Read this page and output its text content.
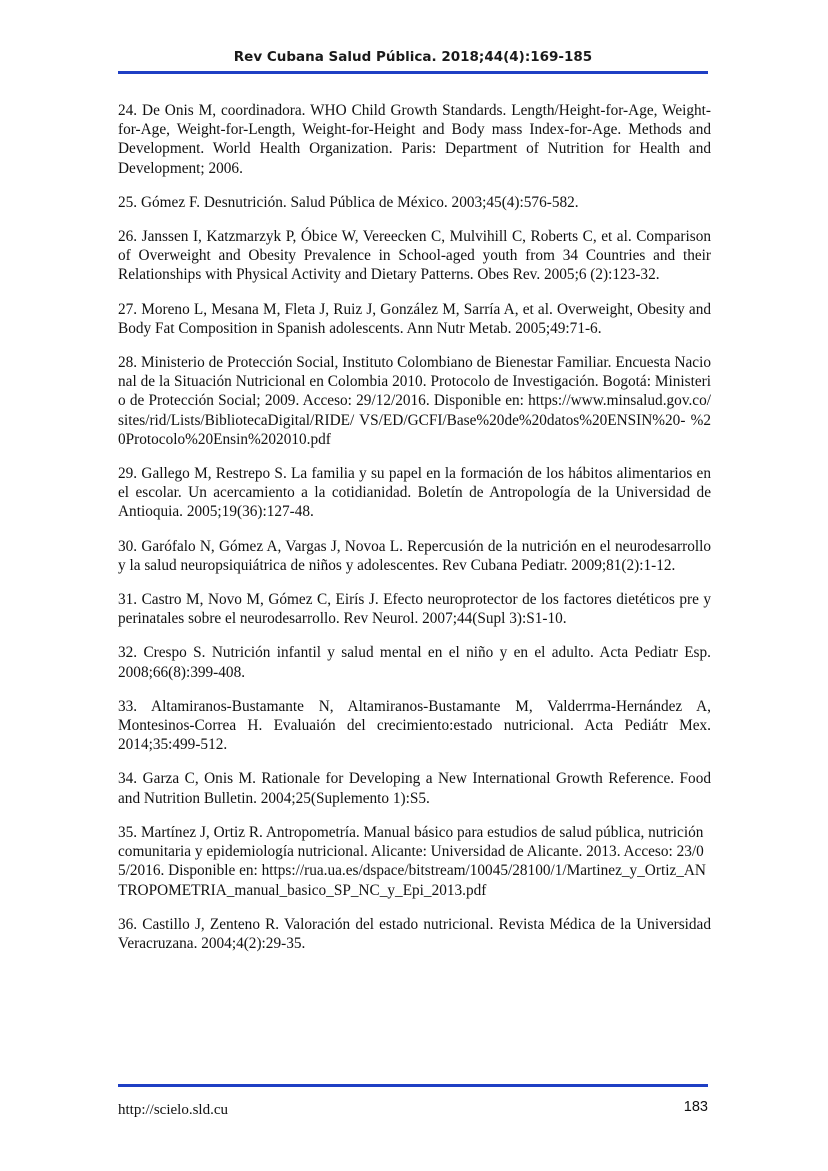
Rev Cubana Salud Pública. 2018;44(4):169-185

24. De Onis M, coordinadora. WHO Child Growth Standards. Length/Height-for-Age, Weight-for-Age, Weight-for-Length, Weight-for-Height and Body mass Index-for-Age. Methods and Development. World Health Organization. Paris: Department of Nutrition for Health and Development; 2006.

25. Gómez F. Desnutrición. Salud Pública de México. 2003;45(4):576-582.

26. Janssen I, Katzmarzyk P, Óbice W, Vereecken C, Mulvihill C, Roberts C, et al. Comparison of Overweight and Obesity Prevalence in School-aged youth from 34 Countries and their Relationships with Physical Activity and Dietary Patterns. Obes Rev. 2005;6 (2):123-32.

27. Moreno L, Mesana M, Fleta J, Ruiz J, González M, Sarría A, et al. Overweight, Obesity and Body Fat Composition in Spanish adolescents. Ann Nutr Metab. 2005;49:71-6.

28. Ministerio de Protección Social, Instituto Colombiano de Bienestar Familiar. Encuesta Nacional de la Situación Nutricional en Colombia 2010. Protocolo de Investigación. Bogotá: Ministerio de Protección Social; 2009. Acceso: 29/12/2016. Disponible en: https://www.minsalud.gov.co/sites/rid/Lists/BibliotecaDigital/RIDE/ VS/ED/GCFI/Base%20de%20datos%20ENSIN%20- %20Protocolo%20Ensin%202010.pdf

29. Gallego M, Restrepo S. La familia y su papel en la formación de los hábitos alimentarios en el escolar. Un acercamiento a la cotidianidad. Boletín de Antropología de la Universidad de Antioquia. 2005;19(36):127-48.

30. Garófalo N, Gómez A, Vargas J, Novoa L. Repercusión de la nutrición en el neurodesarrollo y la salud neuropsiquiátrica de niños y adolescentes. Rev Cubana Pediatr. 2009;81(2):1-12.

31. Castro M, Novo M, Gómez C, Eirís J. Efecto neuroprotector de los factores dietéticos pre y perinatales sobre el neurodesarrollo. Rev Neurol. 2007;44(Supl 3):S1-10.

32. Crespo S. Nutrición infantil y salud mental en el niño y en el adulto. Acta Pediatr Esp. 2008;66(8):399-408.

33. Altamiranos-Bustamante N, Altamiranos-Bustamante M, Valderrma-Hernández A, Montesinos-Correa H. Evaluaión del crecimiento:estado nutricional. Acta Pediátr Mex. 2014;35:499-512.

34. Garza C, Onis M. Rationale for Developing a New International Growth Reference. Food and Nutrition Bulletin. 2004;25(Suplemento 1):S5.

35. Martínez J, Ortiz R. Antropometría. Manual básico para estudios de salud pública, nutrición comunitaria y epidemiología nutricional. Alicante: Universidad de Alicante. 2013. Acceso: 23/05/2016. Disponible en: https://rua.ua.es/dspace/bitstream/10045/28100/1/Martinez_y_Ortiz_ANTROPOMETRIA_manual_basico_SP_NC_y_Epi_2013.pdf

36. Castillo J, Zenteno R. Valoración del estado nutricional. Revista Médica de la Universidad Veracruzana. 2004;4(2):29-35.

http://scielo.sld.cu	183
